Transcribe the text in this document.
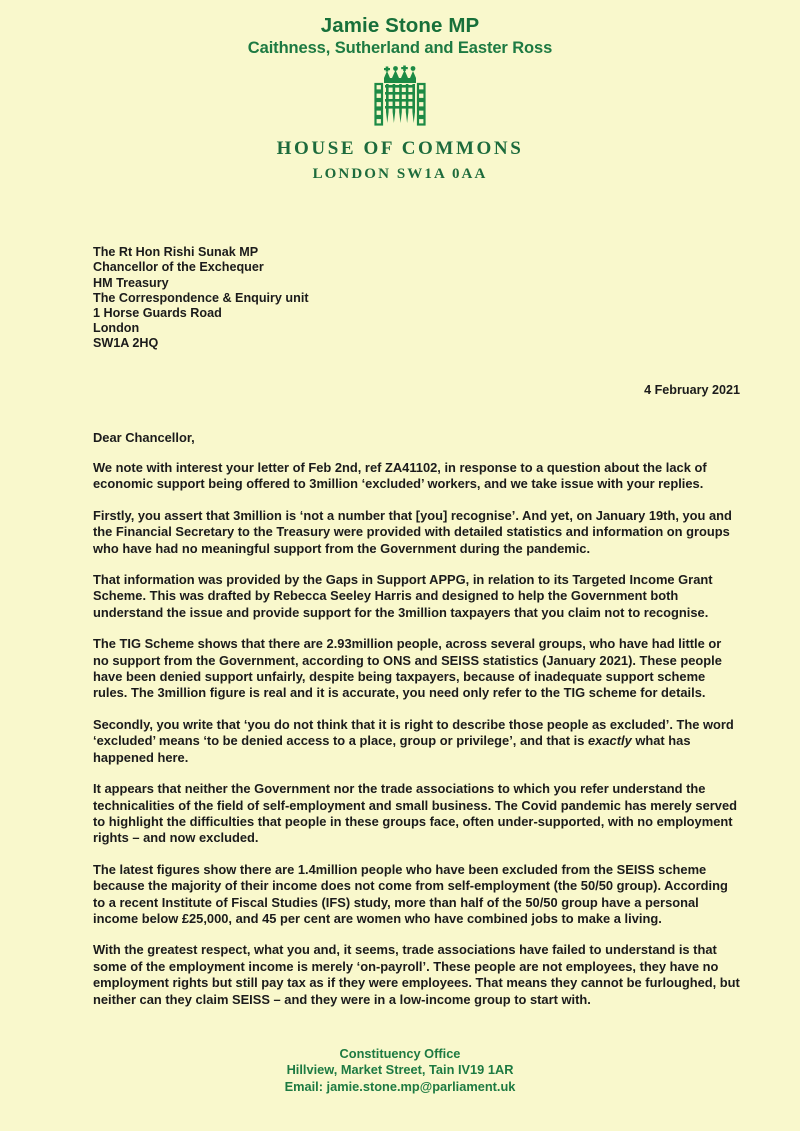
Jamie Stone MP
Caithness, Sutherland and Easter Ross
HOUSE OF COMMONS
LONDON SW1A 0AA
The Rt Hon Rishi Sunak MP
Chancellor of the Exchequer
HM Treasury
The Correspondence & Enquiry unit
1 Horse Guards Road
London
SW1A 2HQ
4 February 2021
Dear Chancellor,
We note with interest your letter of Feb 2nd, ref ZA41102, in response to a question about the lack of economic support being offered to 3million ‘excluded’ workers, and we take issue with your replies.
Firstly, you assert that 3million is ‘not a number that [you] recognise’. And yet, on January 19th, you and the Financial Secretary to the Treasury were provided with detailed statistics and information on groups who have had no meaningful support from the Government during the pandemic.
That information was provided by the Gaps in Support APPG, in relation to its Targeted Income Grant Scheme. This was drafted by Rebecca Seeley Harris and designed to help the Government both understand the issue and provide support for the 3million taxpayers that you claim not to recognise.
The TIG Scheme shows that there are 2.93million people, across several groups, who have had little or no support from the Government, according to ONS and SEISS statistics (January 2021). These people have been denied support unfairly, despite being taxpayers, because of inadequate support scheme rules. The 3million figure is real and it is accurate, you need only refer to the TIG scheme for details.
Secondly, you write that ‘you do not think that it is right to describe those people as excluded’. The word ‘excluded’ means ‘to be denied access to a place, group or privilege’, and that is exactly what has happened here.
It appears that neither the Government nor the trade associations to which you refer understand the technicalities of the field of self-employment and small business. The Covid pandemic has merely served to highlight the difficulties that people in these groups face, often under-supported, with no employment rights – and now excluded.
The latest figures show there are 1.4million people who have been excluded from the SEISS scheme because the majority of their income does not come from self-employment (the 50/50 group). According to a recent Institute of Fiscal Studies (IFS) study, more than half of the 50/50 group have a personal income below £25,000, and 45 per cent are women who have combined jobs to make a living.
With the greatest respect, what you and, it seems, trade associations have failed to understand is that some of the employment income is merely ‘on-payroll’. These people are not employees, they have no employment rights but still pay tax as if they were employees. That means they cannot be furloughed, but neither can they claim SEISS – and they were in a low-income group to start with.
Constituency Office
Hillview, Market Street, Tain IV19 1AR
Email: jamie.stone.mp@parliament.uk
